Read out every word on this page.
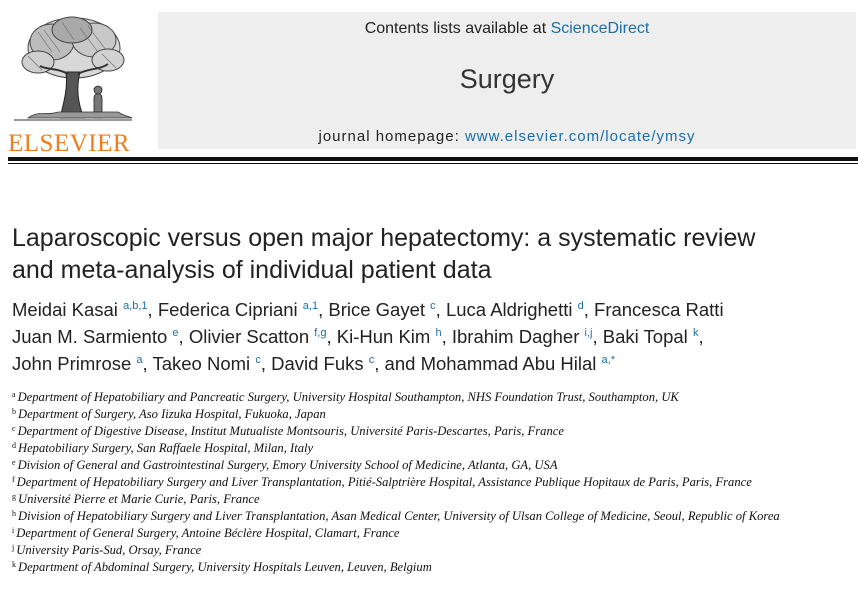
ELSEVIER
Contents lists available at ScienceDirect
Surgery
journal homepage: www.elsevier.com/locate/ymsy
Laparoscopic versus open major hepatectomy: a systematic review
and meta-analysis of individual patient data
Meidai Kasai $^{a,b,1}$, Federica Cipriani $^{a,1}$, Brice Gayet $^c$, Luca Aldrighetti $^d$, Francesca Ratti
Juan M. Sarmiento $^e$, Olivier Scatton $^{f,g}$, Ki-Hun Kim $^h$, Ibrahim Dagher $^{i,j}$, Baki Topal $^k$,
John Primrose $^a$, Takeo Nomi $^c$, David Fuks $^c$, and Mohammad Abu Hilal $^{a,*}$
$^a$ Department of Hepatobiliary and Pancreatic Surgery, University Hospital Southampton, NHS Foundation Trust, Southampton, UK
$^b$ Department of Surgery, Aso Iizuka Hospital, Fukuoka, Japan
$^c$ Department of Digestive Disease, Institut Mutualiste Montsouris, Université Paris-Descartes, Paris, France
$^d$ Hepatobiliary Surgery, San Raffaele Hospital, Milan, Italy
$^e$ Division of General and Gastrointestinal Surgery, Emory University School of Medicine, Atlanta, GA, USA
$^f$ Department of Hepatobiliary Surgery and Liver Transplantation, Pitié-Salptrière Hospital, Assistance Publique Hopitaux de Paris, Paris, France
$^g$ Université Pierre et Marie Curie, Paris, France
$^h$ Division of Hepatobiliary Surgery and Liver Transplantation, Asan Medical Center, University of Ulsan College of Medicine, Seoul, Republic of Korea
$^i$ Department of General Surgery, Antoine Béclère Hospital, Clamart, France
$^j$ University Paris-Sud, Orsay, France
$^k$ Department of Abdominal Surgery, University Hospitals Leuven, Leuven, Belgium
